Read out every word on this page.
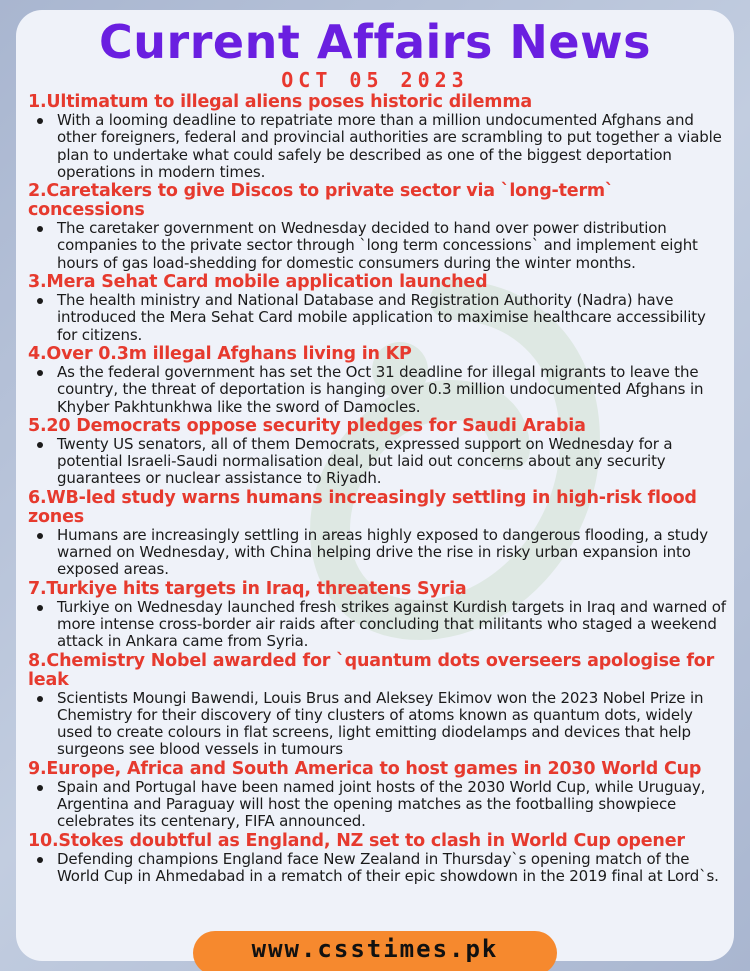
Current Affairs News
OCT 05 2023
1.Ultimatum to illegal aliens poses historic dilemma
With a looming deadline to repatriate more than a million undocumented Afghans and other foreigners, federal and provincial authorities are scrambling to put together a viable plan to undertake what could safely be described as one of the biggest deportation operations in modern times.
2.Caretakers to give Discos to private sector via `long-term` concessions
The caretaker government on Wednesday decided to hand over power distribution companies to the private sector through `long term concessions` and implement eight hours of gas load-shedding for domestic consumers during the winter months.
3.Mera Sehat Card mobile application launched
The health ministry and National Database and Registration Authority (Nadra) have introduced the Mera Sehat Card mobile application to maximise healthcare accessibility for citizens.
4.Over 0.3m illegal Afghans living in KP
As the federal government has set the Oct 31 deadline for illegal migrants to leave the country, the threat of deportation is hanging over 0.3 million undocumented Afghans in Khyber Pakhtunkhwa like the sword of Damocles.
5.20 Democrats oppose security pledges for Saudi Arabia
Twenty US senators, all of them Democrats, expressed support on Wednesday for a potential Israeli-Saudi normalisation deal, but laid out concerns about any security guarantees or nuclear assistance to Riyadh.
6.WB-led study warns humans increasingly settling in high-risk flood zones
Humans are increasingly settling in areas highly exposed to dangerous flooding, a study warned on Wednesday, with China helping drive the rise in risky urban expansion into exposed areas.
7.Turkiye hits targets in Iraq, threatens Syria
Turkiye on Wednesday launched fresh strikes against Kurdish targets in Iraq and warned of more intense cross-border air raids after concluding that militants who staged a weekend attack in Ankara came from Syria.
8.Chemistry Nobel awarded for `quantum dots overseers apologise for leak
Scientists Moungi Bawendi, Louis Brus and Aleksey Ekimov won the 2023 Nobel Prize in Chemistry for their discovery of tiny clusters of atoms known as quantum dots, widely used to create colours in flat screens, light emitting diodelamps and devices that help surgeons see blood vessels in tumours
9.Europe, Africa and South America to host games in 2030 World Cup
Spain and Portugal have been named joint hosts of the 2030 World Cup, while Uruguay, Argentina and Paraguay will host the opening matches as the footballing showpiece celebrates its centenary, FIFA announced.
10.Stokes doubtful as England, NZ set to clash in World Cup opener
Defending champions England face New Zealand in Thursday`s opening match of the World Cup in Ahmedabad in a rematch of their epic showdown in the 2019 final at Lord`s.
www.csstimes.pk
